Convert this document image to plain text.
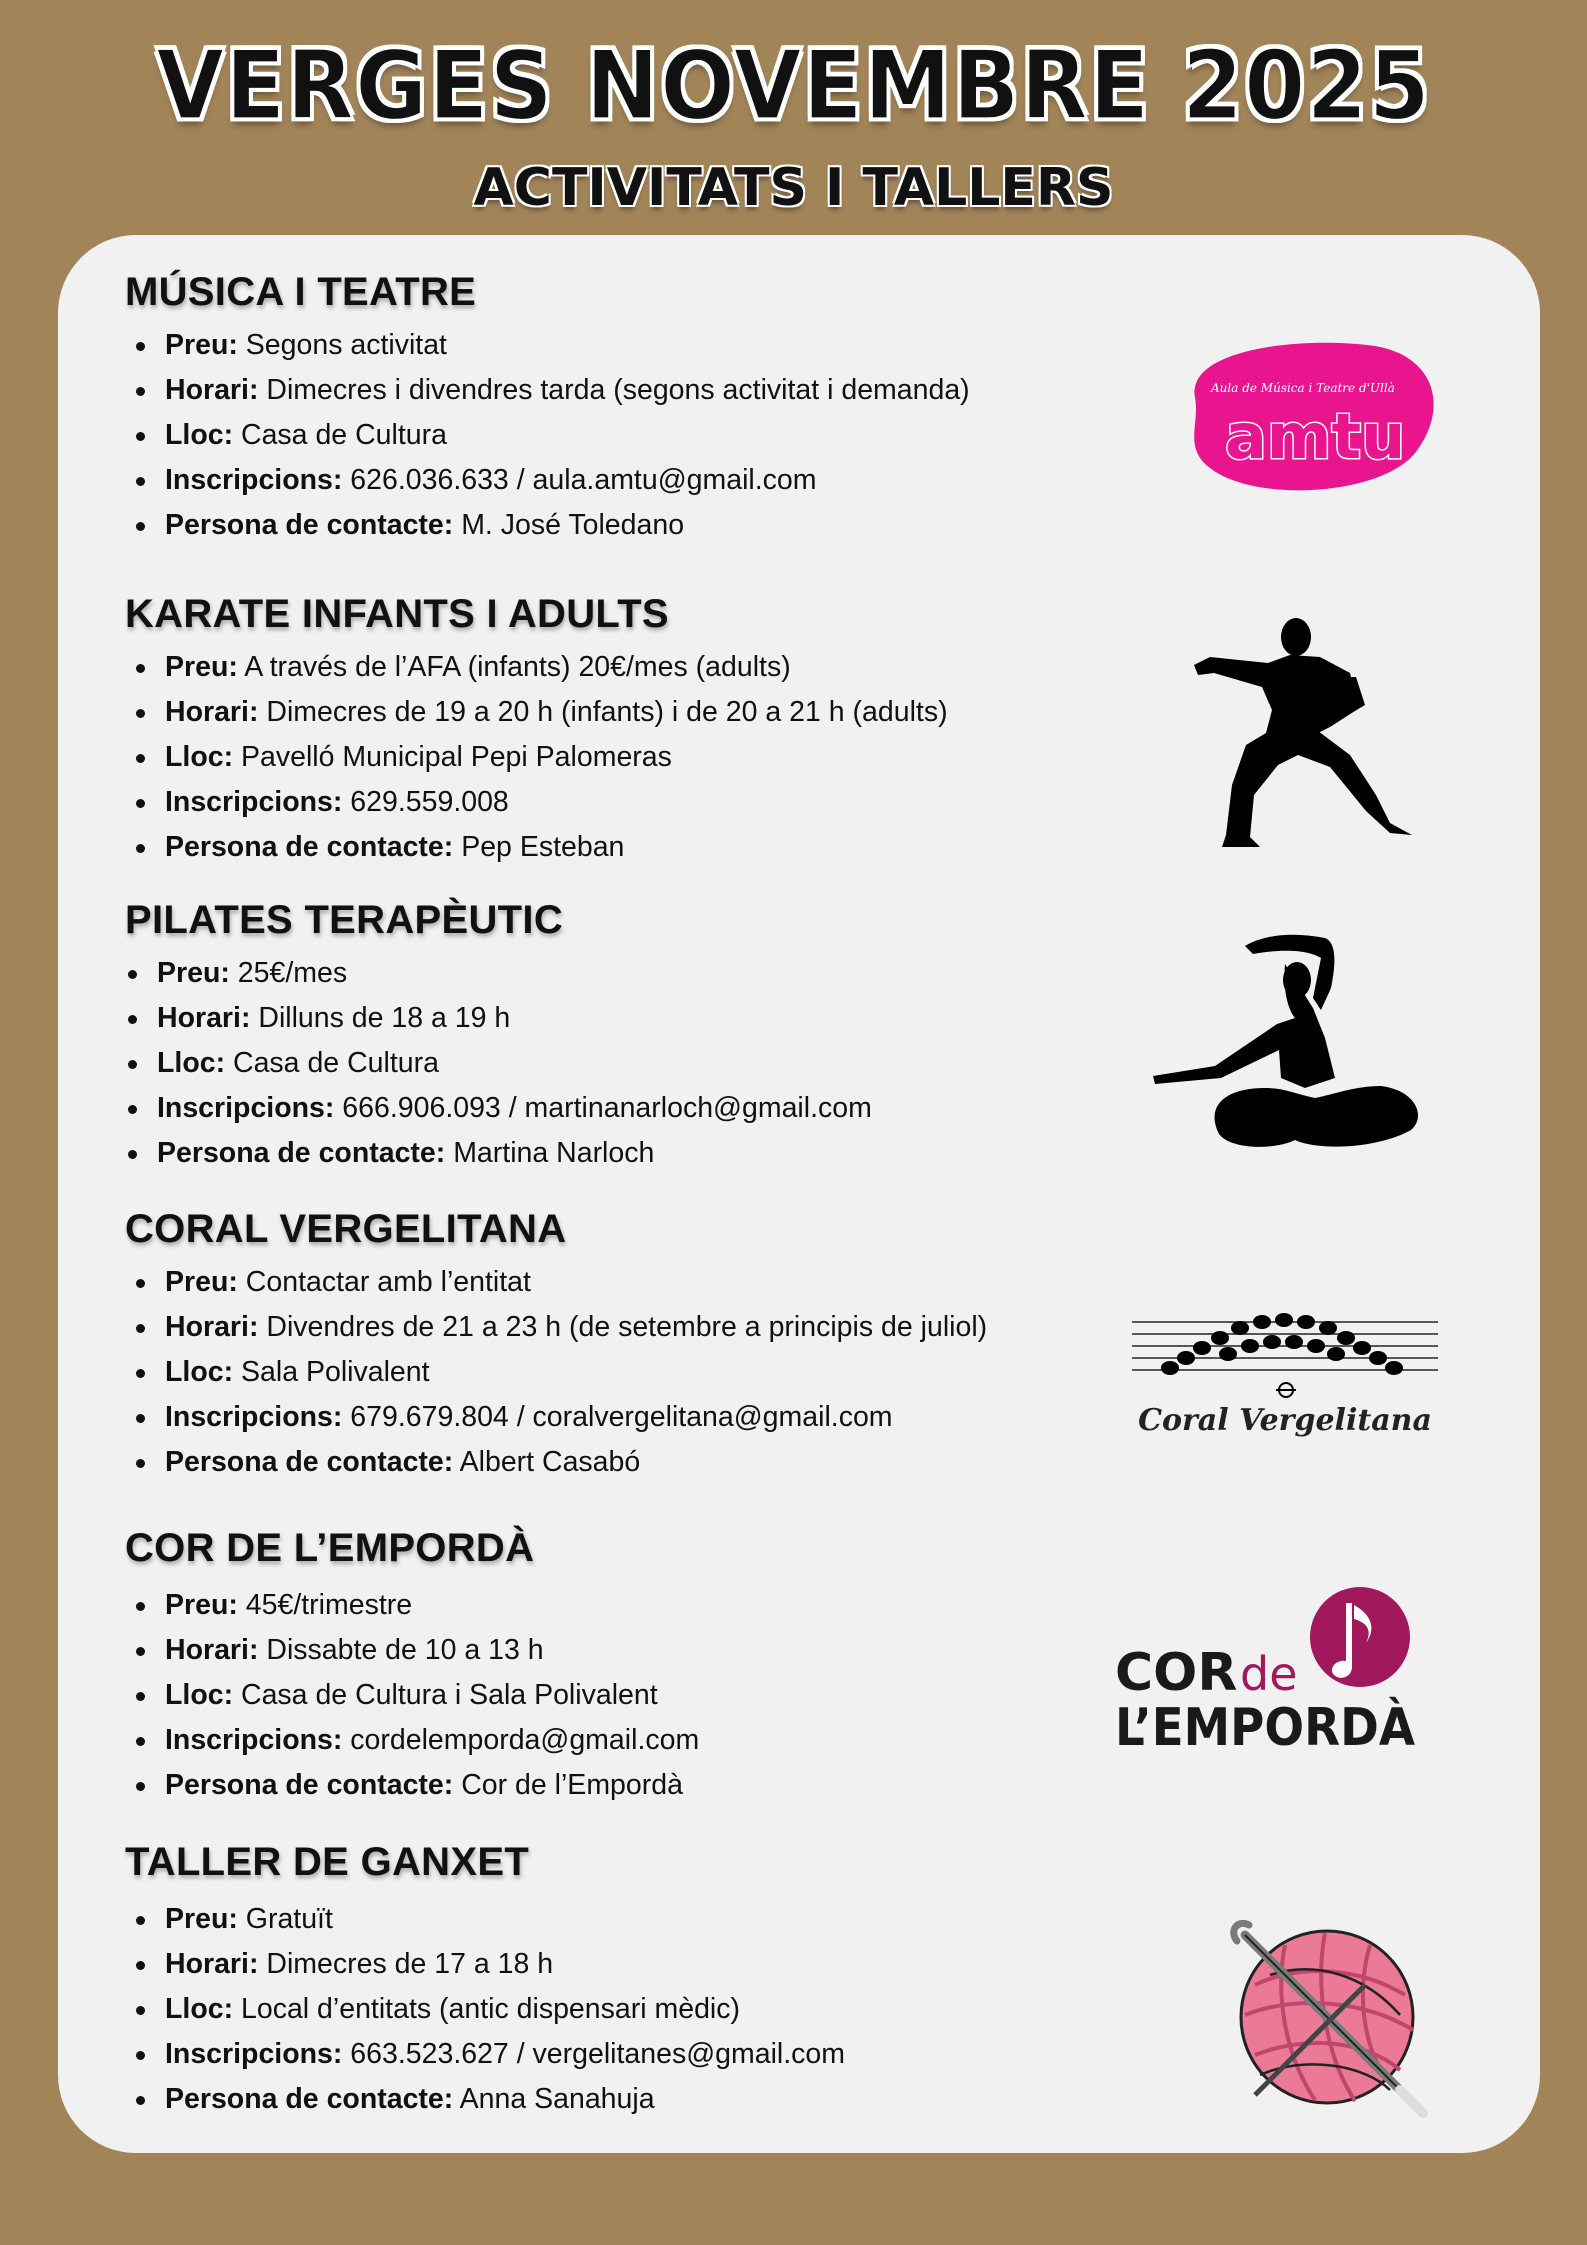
VERGES NOVEMBRE 2025
ACTIVITATS I TALLERS
MÚSICA I TEATRE
Preu: Segons activitat
Horari: Dimecres i divendres tarda (segons activitat i demanda)
Lloc: Casa de Cultura
Inscripcions: 626.036.633 / aula.amtu@gmail.com
Persona de contacte: M. José Toledano
KARATE INFANTS I ADULTS
Preu: A través de l’AFA (infants) 20€/mes (adults)
Horari: Dimecres de 19 a 20 h (infants) i de 20 a 21 h (adults)
Lloc: Pavelló Municipal Pepi Palomeras
Inscripcions: 629.559.008
Persona de contacte: Pep Esteban
PILATES TERAPÈUTIC
Preu: 25€/mes
Horari: Dilluns de 18 a 19 h
Lloc: Casa de Cultura
Inscripcions: 666.906.093 / martinanarloch@gmail.com
Persona de contacte: Martina Narloch
CORAL VERGELITANA
Preu: Contactar amb l’entitat
Horari: Divendres de 21 a 23 h (de setembre a principis de juliol)
Lloc: Sala Polivalent
Inscripcions: 679.679.804 / coralvergelitana@gmail.com
Persona de contacte: Albert Casabó
COR DE L’EMPORDÀ
Preu: 45€/trimestre
Horari: Dissabte de 10 a 13 h
Lloc: Casa de Cultura i Sala Polivalent
Inscripcions: cordelemporda@gmail.com
Persona de contacte: Cor de l’Empordà
TALLER DE GANXET
Preu: Gratuït
Horari: Dimecres de 17 a 18 h
Lloc: Local d’entitats (antic dispensari mèdic)
Inscripcions: 663.523.627 / vergelitanes@gmail.com
Persona de contacte: Anna Sanahuja
Aula de Música i Teatre d'Ullà
amtu
Coral Vergelitana
COR de
L’EMPORDÀ
